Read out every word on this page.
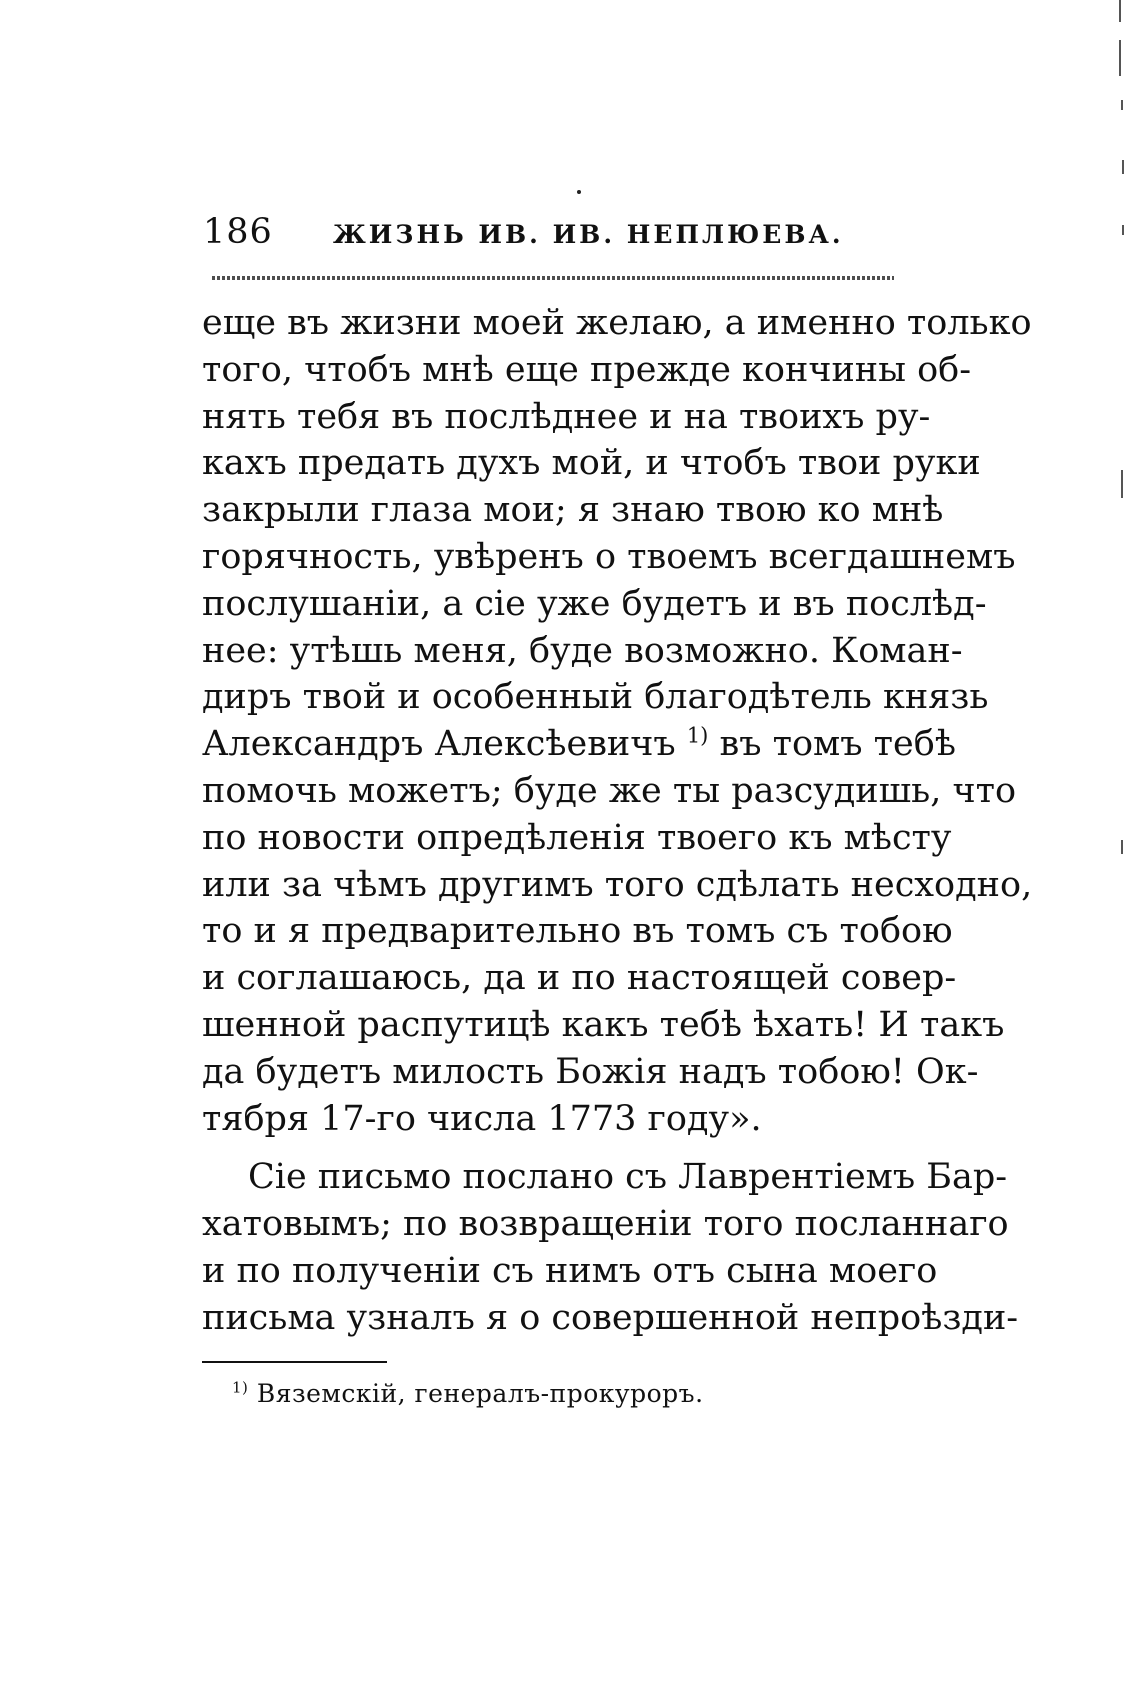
186 ЖИЗНЬ ИВ. ИВ. НЕПЛЮЕВА.
еще въ жизни моей желаю, а именно только
того, чтобъ мнѣ еще прежде кончины об-
нять тебя въ послѣднее и на твоихъ ру-
кахъ предать духъ мой, и чтобъ твои руки
закрыли глаза мои; я знаю твою ко мнѣ
горячность, увѣренъ о твоемъ всегдашнемъ
послушанiи, а сiе уже будетъ и въ послѣд-
нее: утѣшь меня, буде возможно. Коман-
диръ твой и особенный благодѣтель князь
Александръ Алексѣевичъ $^{1)}$ въ томъ тебѣ
помочь можетъ; буде же ты разсудишь, что
по новости опредѣленiя твоего къ мѣсту
или за чѣмъ другимъ того сдѣлать несходно,
то и я предварительно въ томъ съ тобою
и соглашаюсь, да и по настоящей совер-
шенной распутицѣ какъ тебѣ ѣхать! И такъ
да будетъ милость Божiя надъ тобою! Ок-
тября 17-го числа 1773 году».
Сiе письмо послано съ Лаврентiемъ Бар-
хатовымъ; по возвращенiи того посланнаго
и по полученiи съ нимъ отъ сына моего
письма узналъ я о совершенной непроѣзди-
$^{1)}$ Вяземскiй, генералъ-прокуроръ.
